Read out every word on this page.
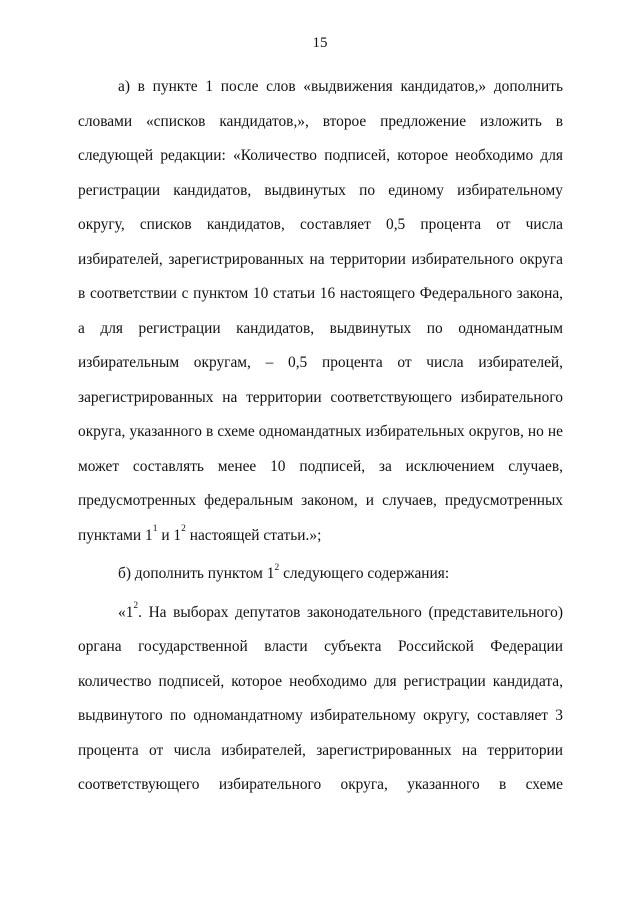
15

а) в пункте 1 после слов «выдвижения кандидатов,» дополнить словами «списков кандидатов,», второе предложение изложить в следующей редакции: «Количество подписей, которое необходимо для регистрации кандидатов, выдвинутых по единому избирательному округу, списков кандидатов, составляет 0,5 процента от числа избирателей, зарегистрированных на территории избирательного округа в соответствии с пунктом 10 статьи 16 настоящего Федерального закона, а для регистрации кандидатов, выдвинутых по одномандатным избирательным округам, – 0,5 процента от числа избирателей, зарегистрированных на территории соответствующего избирательного округа, указанного в схеме одномандатных избирательных округов, но не может составлять менее 10 подписей, за исключением случаев, предусмотренных федеральным законом, и случаев, предусмотренных пунктами $1^1$ и $1^2$ настоящей статьи.»;

б) дополнить пунктом $1^2$ следующего содержания:

«$1^2$. На выборах депутатов законодательного (представительного) органа государственной власти субъекта Российской Федерации количество подписей, которое необходимо для регистрации кандидата, выдвинутого по одномандатному избирательному округу, составляет 3 процента от числа избирателей, зарегистрированных на территории соответствующего избирательного округа, указанного в схеме
